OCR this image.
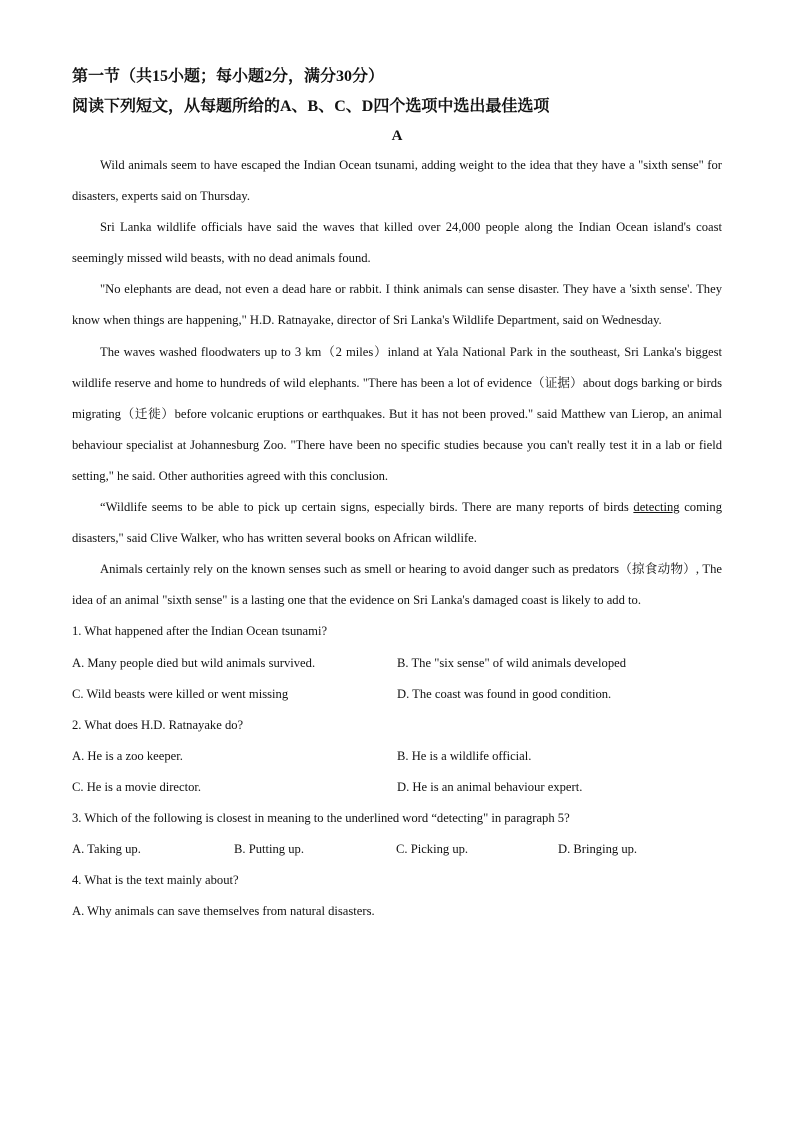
第一节（共15小题；每小题2分，满分30分）
阅读下列短文，从每题所给的A、B、C、D四个选项中选出最佳选项
A

Wild animals seem to have escaped the Indian Ocean tsunami, adding weight to the idea that they have a "sixth sense" for disasters, experts said on Thursday.

Sri Lanka wildlife officials have said the waves that killed over 24,000 people along the Indian Ocean island's coast seemingly missed wild beasts, with no dead animals found.

"No elephants are dead, not even a dead hare or rabbit. I think animals can sense disaster. They have a 'sixth sense'. They know when things are happening," H.D. Ratnayake, director of Sri Lanka's Wildlife Department, said on Wednesday.

The waves washed floodwaters up to 3 km（2 miles）inland at Yala National Park in the southeast, Sri Lanka's biggest wildlife reserve and home to hundreds of wild elephants. "There has been a lot of evidence（证据）about dogs barking or birds migrating（迁徙）before volcanic eruptions or earthquakes. But it has not been proved." said Matthew van Lierop, an animal behaviour specialist at Johannesburg Zoo. "There have been no specific studies because you can't really test it in a lab or field setting," he said. Other authorities agreed with this conclusion.

“Wildlife seems to be able to pick up certain signs, especially birds. There are many reports of birds detecting coming disasters," said Clive Walker, who has written several books on African wildlife.

Animals certainly rely on the known senses such as smell or hearing to avoid danger such as predators（掠食动物）, The idea of an animal "sixth sense" is a lasting one that the evidence on Sri Lanka's damaged coast is likely to add to.

1. What happened after the Indian Ocean tsunami?
A. Many people died but wild animals survived.	B. The "six sense" of wild animals developed
C. Wild beasts were killed or went missing	D. The coast was found in good condition.
2. What does H.D. Ratnayake do?
A. He is a zoo keeper.	B. He is a wildlife official.
C. He is a movie director.	D. He is an animal behaviour expert.
3. Which of the following is closest in meaning to the underlined word “detecting" in paragraph 5?
A. Taking up.	B. Putting up.	C. Picking up.	D. Bringing up.
4. What is the text mainly about?
A. Why animals can save themselves from natural disasters.
